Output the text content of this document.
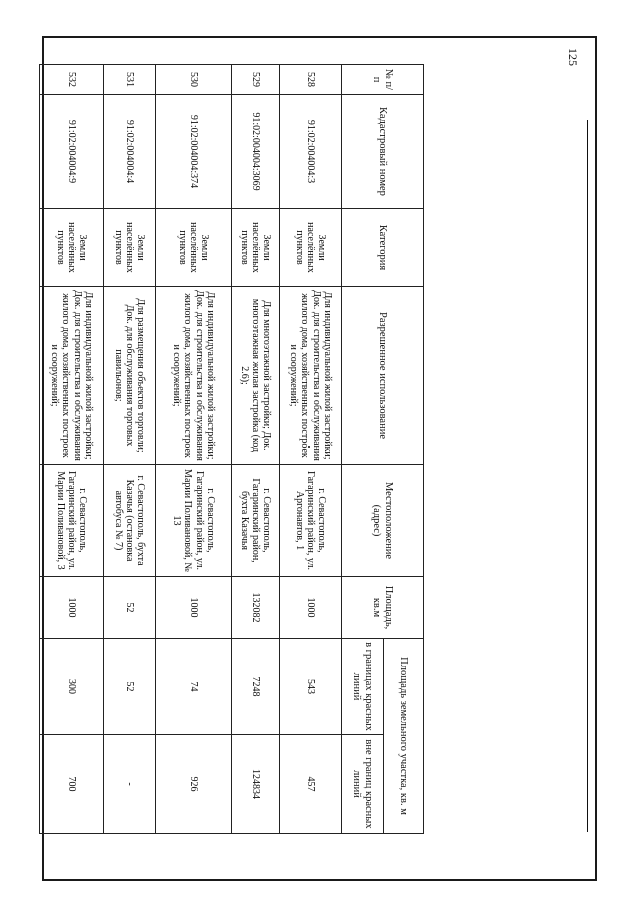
125
№ п/п	Кадастровый номер	Категория	Разрешенное использование	Местоположение (адрес)	Площадь, кв.м	Площадь земельного участка, кв. м	
						в границах красных линий	вне границ красных линий
528	91:02:004004:3	Земли населённых пунктов	Для индивидуальной жилой застройки; Док. для строительства и обслуживания жилого дома, хозяйственных построек и сооружений;	г. Севастополь, Гагаринский район, ул. Аргонавтов, 1	1000	543	457
529	91:02:004004:3069	Земли населённых пунктов	Для многоэтажной застройки; Док. многоэтажная жилая застройка (код 2.6);	г. Севастополь, Гагаринский район, бухта Казачья	132082	7248	124834
530	91:02:004004:374	Земли населённых пунктов	Для индивидуальной жилой застройки; Док. для строительства и обслуживания жилого дома, хозяйственных построек и сооружений;	г. Севастополь, Гагаринский район, ул. Марии Поливановой, № 13	1000	74	926
531	91:02:004004:4	Земли населённых пунктов	Для размещения объектов торговли; Док. для обслуживания торговых павильонов;	г. Севастополь, бухта Казачья (остановка автобуса № 7)	52	52	-
532	91:02:004004:9	Земли населённых пунктов	Для индивидуальной жилой застройки; Док. для строительства и обслуживания жилого дома, хозяйственных построек и сооружений;	г. Севастополь, Гагаринский район, ул. Марии Поливановой, 3	1000	300	700
